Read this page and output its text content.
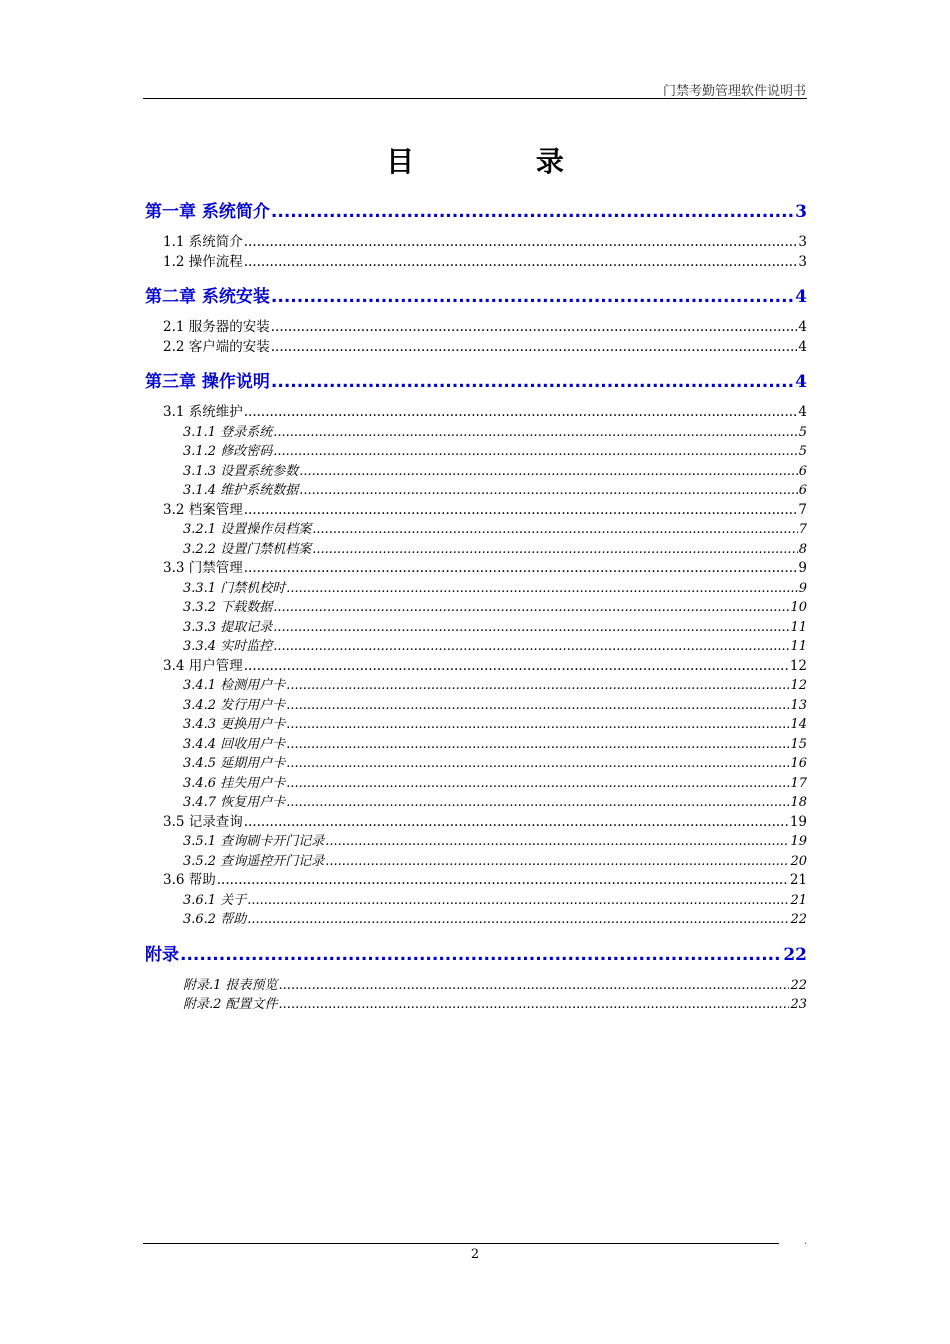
门禁考勤管理软件说明书
目 录
第一章 系统简介 .....	3
1.1 系统简介 .....	3
1.2 操作流程 .....	3
第二章 系统安装 .....	4
2.1 服务器的安装 .....	4
2.2 客户端的安装 .....	4
第三章 操作说明 .....	4
3.1 系统维护 .....	4
3.1.1 登录系统 .....	5
3.1.2 修改密码 .....	5
3.1.3 设置系统参数 .....	6
3.1.4 维护系统数据 .....	6
3.2 档案管理 .....	7
3.2.1 设置操作员档案 .....	7
3.2.2 设置门禁机档案 .....	8
3.3 门禁管理 .....	9
3.3.1 门禁机校时 .....	9
3.3.2 下载数据 .....	10
3.3.3 提取记录 .....	11
3.3.4 实时监控 .....	11
3.4 用户管理 .....	12
3.4.1 检测用户卡 .....	12
3.4.2 发行用户卡 .....	13
3.4.3 更换用户卡 .....	14
3.4.4 回收用户卡 .....	15
3.4.5 延期用户卡 .....	16
3.4.6 挂失用户卡 .....	17
3.4.7 恢复用户卡 .....	18
3.5 记录查询 .....	19
3.5.1 查询刷卡开门记录 .....	19
3.5.2 查询遥控开门记录 .....	20
3.6 帮助 .....	21
3.6.1 关于 .....	21
3.6.2 帮助 .....	22
附录 .....	22
附录.1 报表预览 .....	22
附录.2 配置文件 .....	23
.
2
